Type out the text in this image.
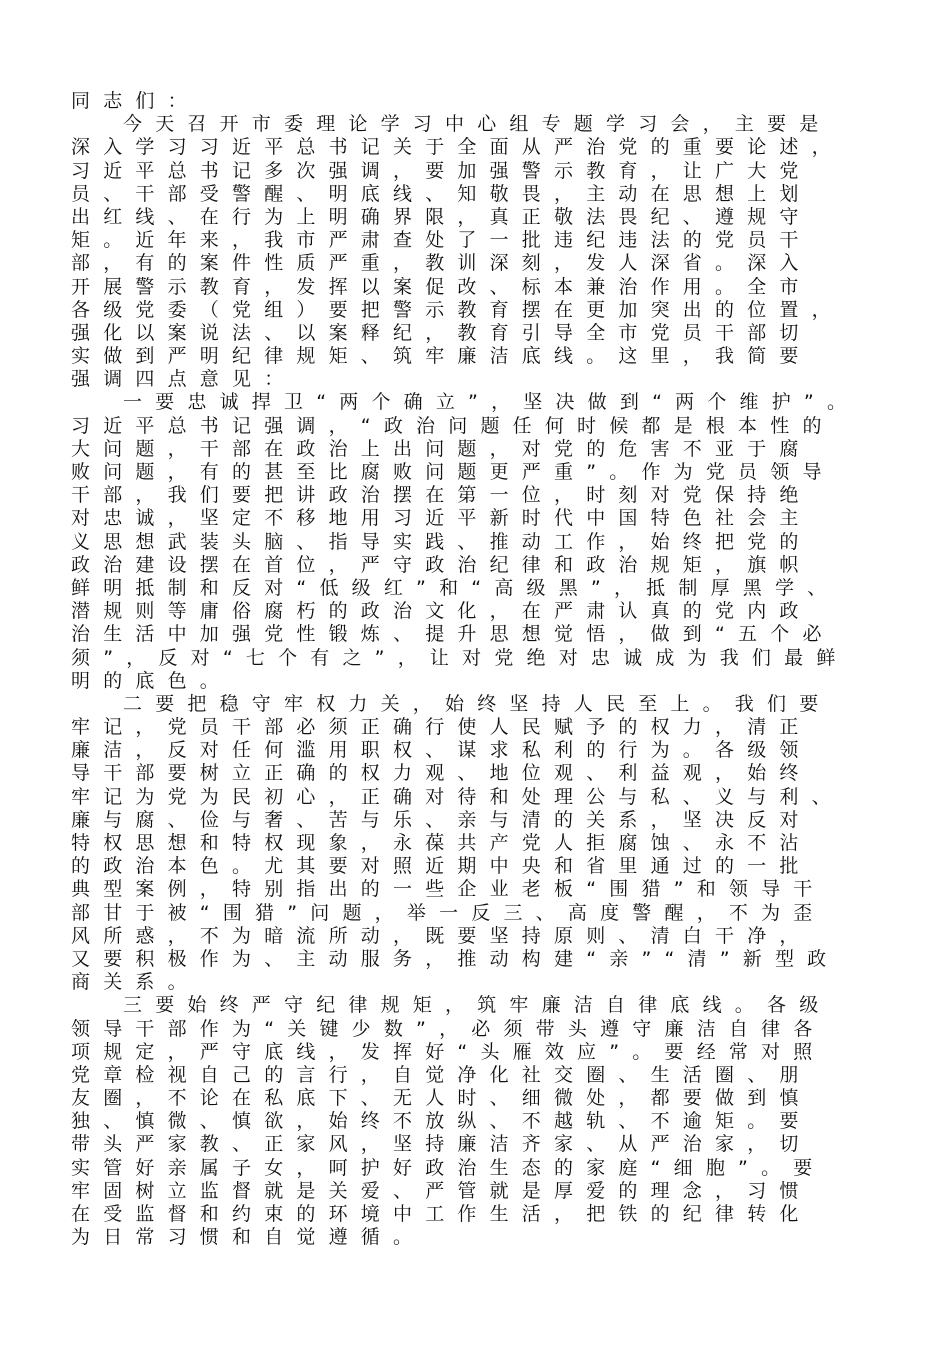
同志们：
今天召开市委理论学习中心组专题学习会，主要是
深入学习习近平总书记关于全面从严治党的重要论述，
习近平总书记多次强调，要加强警示教育，让广大党
员、干部受警醒、明底线、知敬畏，主动在思想上划
出红线、在行为上明确界限，真正敬法畏纪、遵规守
矩。近年来，我市严肃查处了一批违纪违法的党员干
部，有的案件性质严重，教训深刻，发人深省。深入
开展警示教育，发挥以案促改、标本兼治作用。全市
各级党委（党组）要把警示教育摆在更加突出的位置，
强化以案说法、以案释纪，教育引导全市党员干部切
实做到严明纪律规矩、筑牢廉洁底线。这里，我简要
强调四点意见：
一要忠诚捍卫“两个确立”，坚决做到“两个维护”。
习近平总书记强调，“政治问题任何时候都是根本性的
大问题，干部在政治上出问题，对党的危害不亚于腐
败问题，有的甚至比腐败问题更严重”。作为党员领导
干部，我们要把讲政治摆在第一位，时刻对党保持绝
对忠诚，坚定不移地用习近平新时代中国特色社会主
义思想武装头脑、指导实践、推动工作，始终把党的
政治建设摆在首位，严守政治纪律和政治规矩，旗帜
鲜明抵制和反对“低级红”和“高级黑”，抵制厚黑学、
潜规则等庸俗腐朽的政治文化，在严肃认真的党内政
治生活中加强党性锻炼、提升思想觉悟，做到“五个必
须”，反对“七个有之”，让对党绝对忠诚成为我们最鲜
明的底色。
二要把稳守牢权力关，始终坚持人民至上。我们要
牢记，党员干部必须正确行使人民赋予的权力，清正
廉洁，反对任何滥用职权、谋求私利的行为。各级领
导干部要树立正确的权力观、地位观、利益观，始终
牢记为党为民初心，正确对待和处理公与私、义与利、
廉与腐、俭与奢、苦与乐、亲与清的关系，坚决反对
特权思想和特权现象，永葆共产党人拒腐蚀、永不沾
的政治本色。尤其要对照近期中央和省里通过的一批
典型案例，特别指出的一些企业老板“围猎”和领导干
部甘于被“围猎”问题，举一反三、高度警醒，不为歪
风所惑，不为暗流所动，既要坚持原则、清白干净，
又要积极作为、主动服务，推动构建“亲”“清”新型政
商关系。
三要始终严守纪律规矩，筑牢廉洁自律底线。各级
领导干部作为“关键少数”，必须带头遵守廉洁自律各
项规定，严守底线，发挥好“头雁效应”。要经常对照
党章检视自己的言行，自觉净化社交圈、生活圈、朋
友圈，不论在私底下、无人时、细微处，都要做到慎
独、慎微、慎欲，始终不放纵、不越轨、不逾矩。要
带头严家教、正家风，坚持廉洁齐家、从严治家，切
实管好亲属子女，呵护好政治生态的家庭“细胞”。要
牢固树立监督就是关爱、严管就是厚爱的理念，习惯
在受监督和约束的环境中工作生活，把铁的纪律转化
为日常习惯和自觉遵循。
